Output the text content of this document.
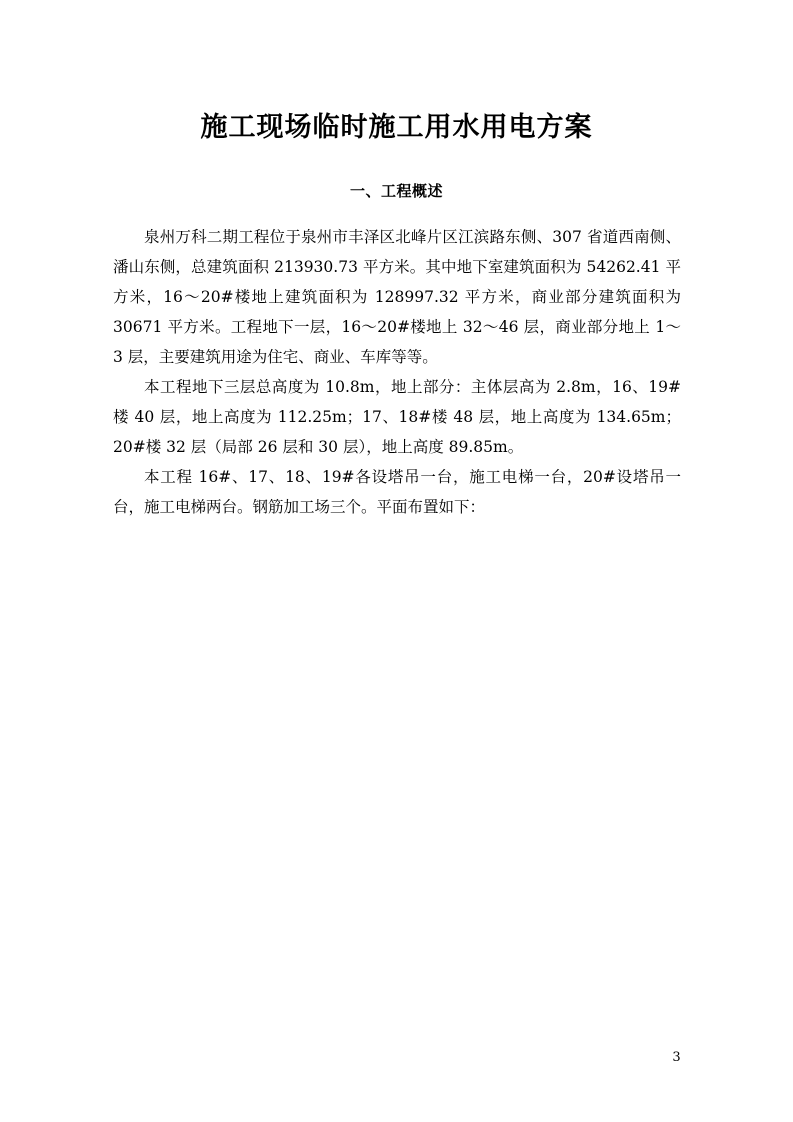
施工现场临时施工用水用电方案
一、工程概述

泉州万科二期工程位于泉州市丰泽区北峰片区江滨路东侧、307 省道西南侧、潘山东侧，总建筑面积 213930.73 平方米。其中地下室建筑面积为 54262.41 平方米，16～20#楼地上建筑面积为 128997.32 平方米，商业部分建筑面积为 30671 平方米。工程地下一层，16～20#楼地上 32～46 层，商业部分地上 1～3 层，主要建筑用途为住宅、商业、车库等等。

本工程地下三层总高度为 10.8m，地上部分：主体层高为 2.8m，16、19#楼 40 层，地上高度为 112.25m；17、18#楼 48 层，地上高度为 134.65m；20#楼 32 层（局部 26 层和 30 层），地上高度 89.85m。

本工程 16#、17、18、19#各设塔吊一台，施工电梯一台，20#设塔吊一台，施工电梯两台。钢筋加工场三个。平面布置如下：

3
